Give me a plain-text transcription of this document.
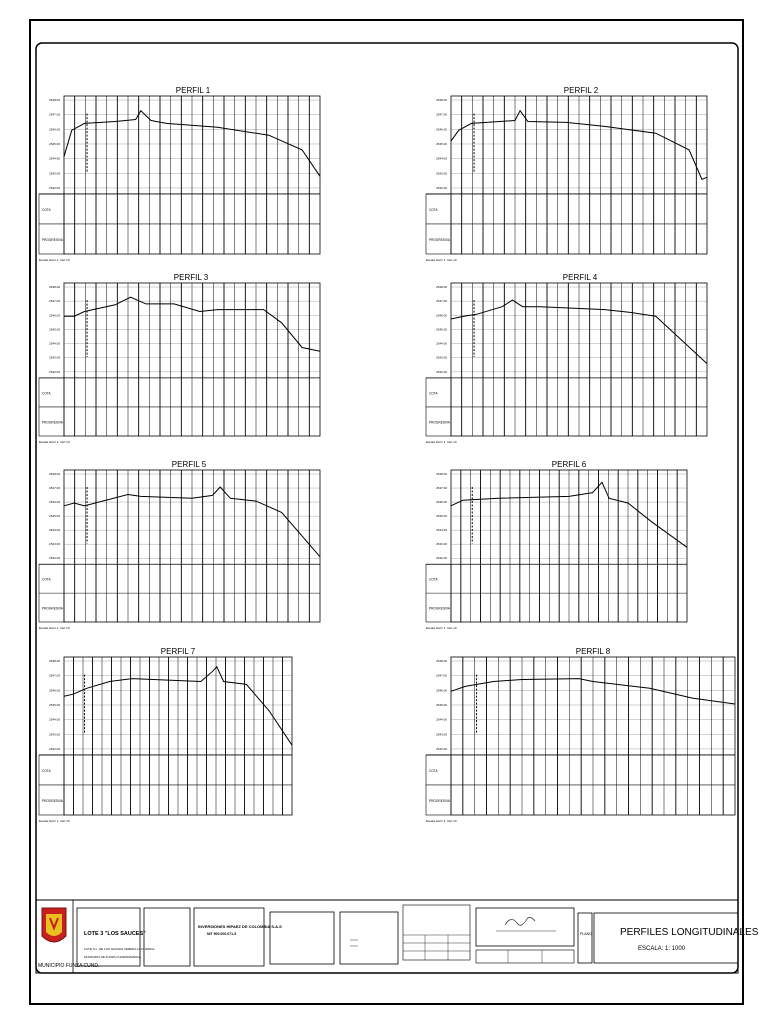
PERFIL 1
2548.00
2547.00
2546.00
2545.00
2544.00
2543.00
2542.00
COTA
PROGRESIVA
Escala Horiz 1: Vert 10
PERFIL 2
2548.00
2547.00
2546.00
2545.00
2544.00
2543.00
2542.00
COTA
PROGRESIVA
Escala Horiz 1: Vert 10
PERFIL 3
2548.00
2547.00
2546.00
2545.00
2544.00
2543.00
2542.00
COTA
PROGRESIVA
Escala Horiz 1: Vert 10
PERFIL 4
2548.00
2547.00
2546.00
2545.00
2544.00
2543.00
2542.00
COTA
PROGRESIVA
Escala Horiz 1: Vert 10
PERFIL 5
2548.00
2547.00
2546.00
2545.00
2544.00
2543.00
2542.00
COTA
PROGRESIVA
Escala Horiz 1: Vert 10
PERFIL 6
2548.00
2547.00
2546.00
2545.00
2544.00
2543.00
2542.00
COTA
PROGRESIVA
Escala Horiz 1: Vert 10
PERFIL 7
2548.00
2547.00
2546.00
2545.00
2544.00
2543.00
2542.00
COTA
PROGRESIVA
Escala Horiz 1: Vert 10
PERFIL 8
2548.00
2547.00
2546.00
2545.00
2544.00
2543.00
2542.00
COTA
PROGRESIVA
Escala Horiz 1: Vert 10
MUNICIPIO FUNZA CUND.
LOTE 3 "LOS SAUCES"
LOTE N.L. DE LOS SAUCES VEREDA LA FLORIDA
MUNICIPIO DE FUNZA CUNDINAMARCA
INVERSIONES HIPAEZ DE COLOMBIA S.A.S
NIT 900.000.071-5	PLANO	PERFILES LONGITUDINALES
ESCALA: 1: 1000
